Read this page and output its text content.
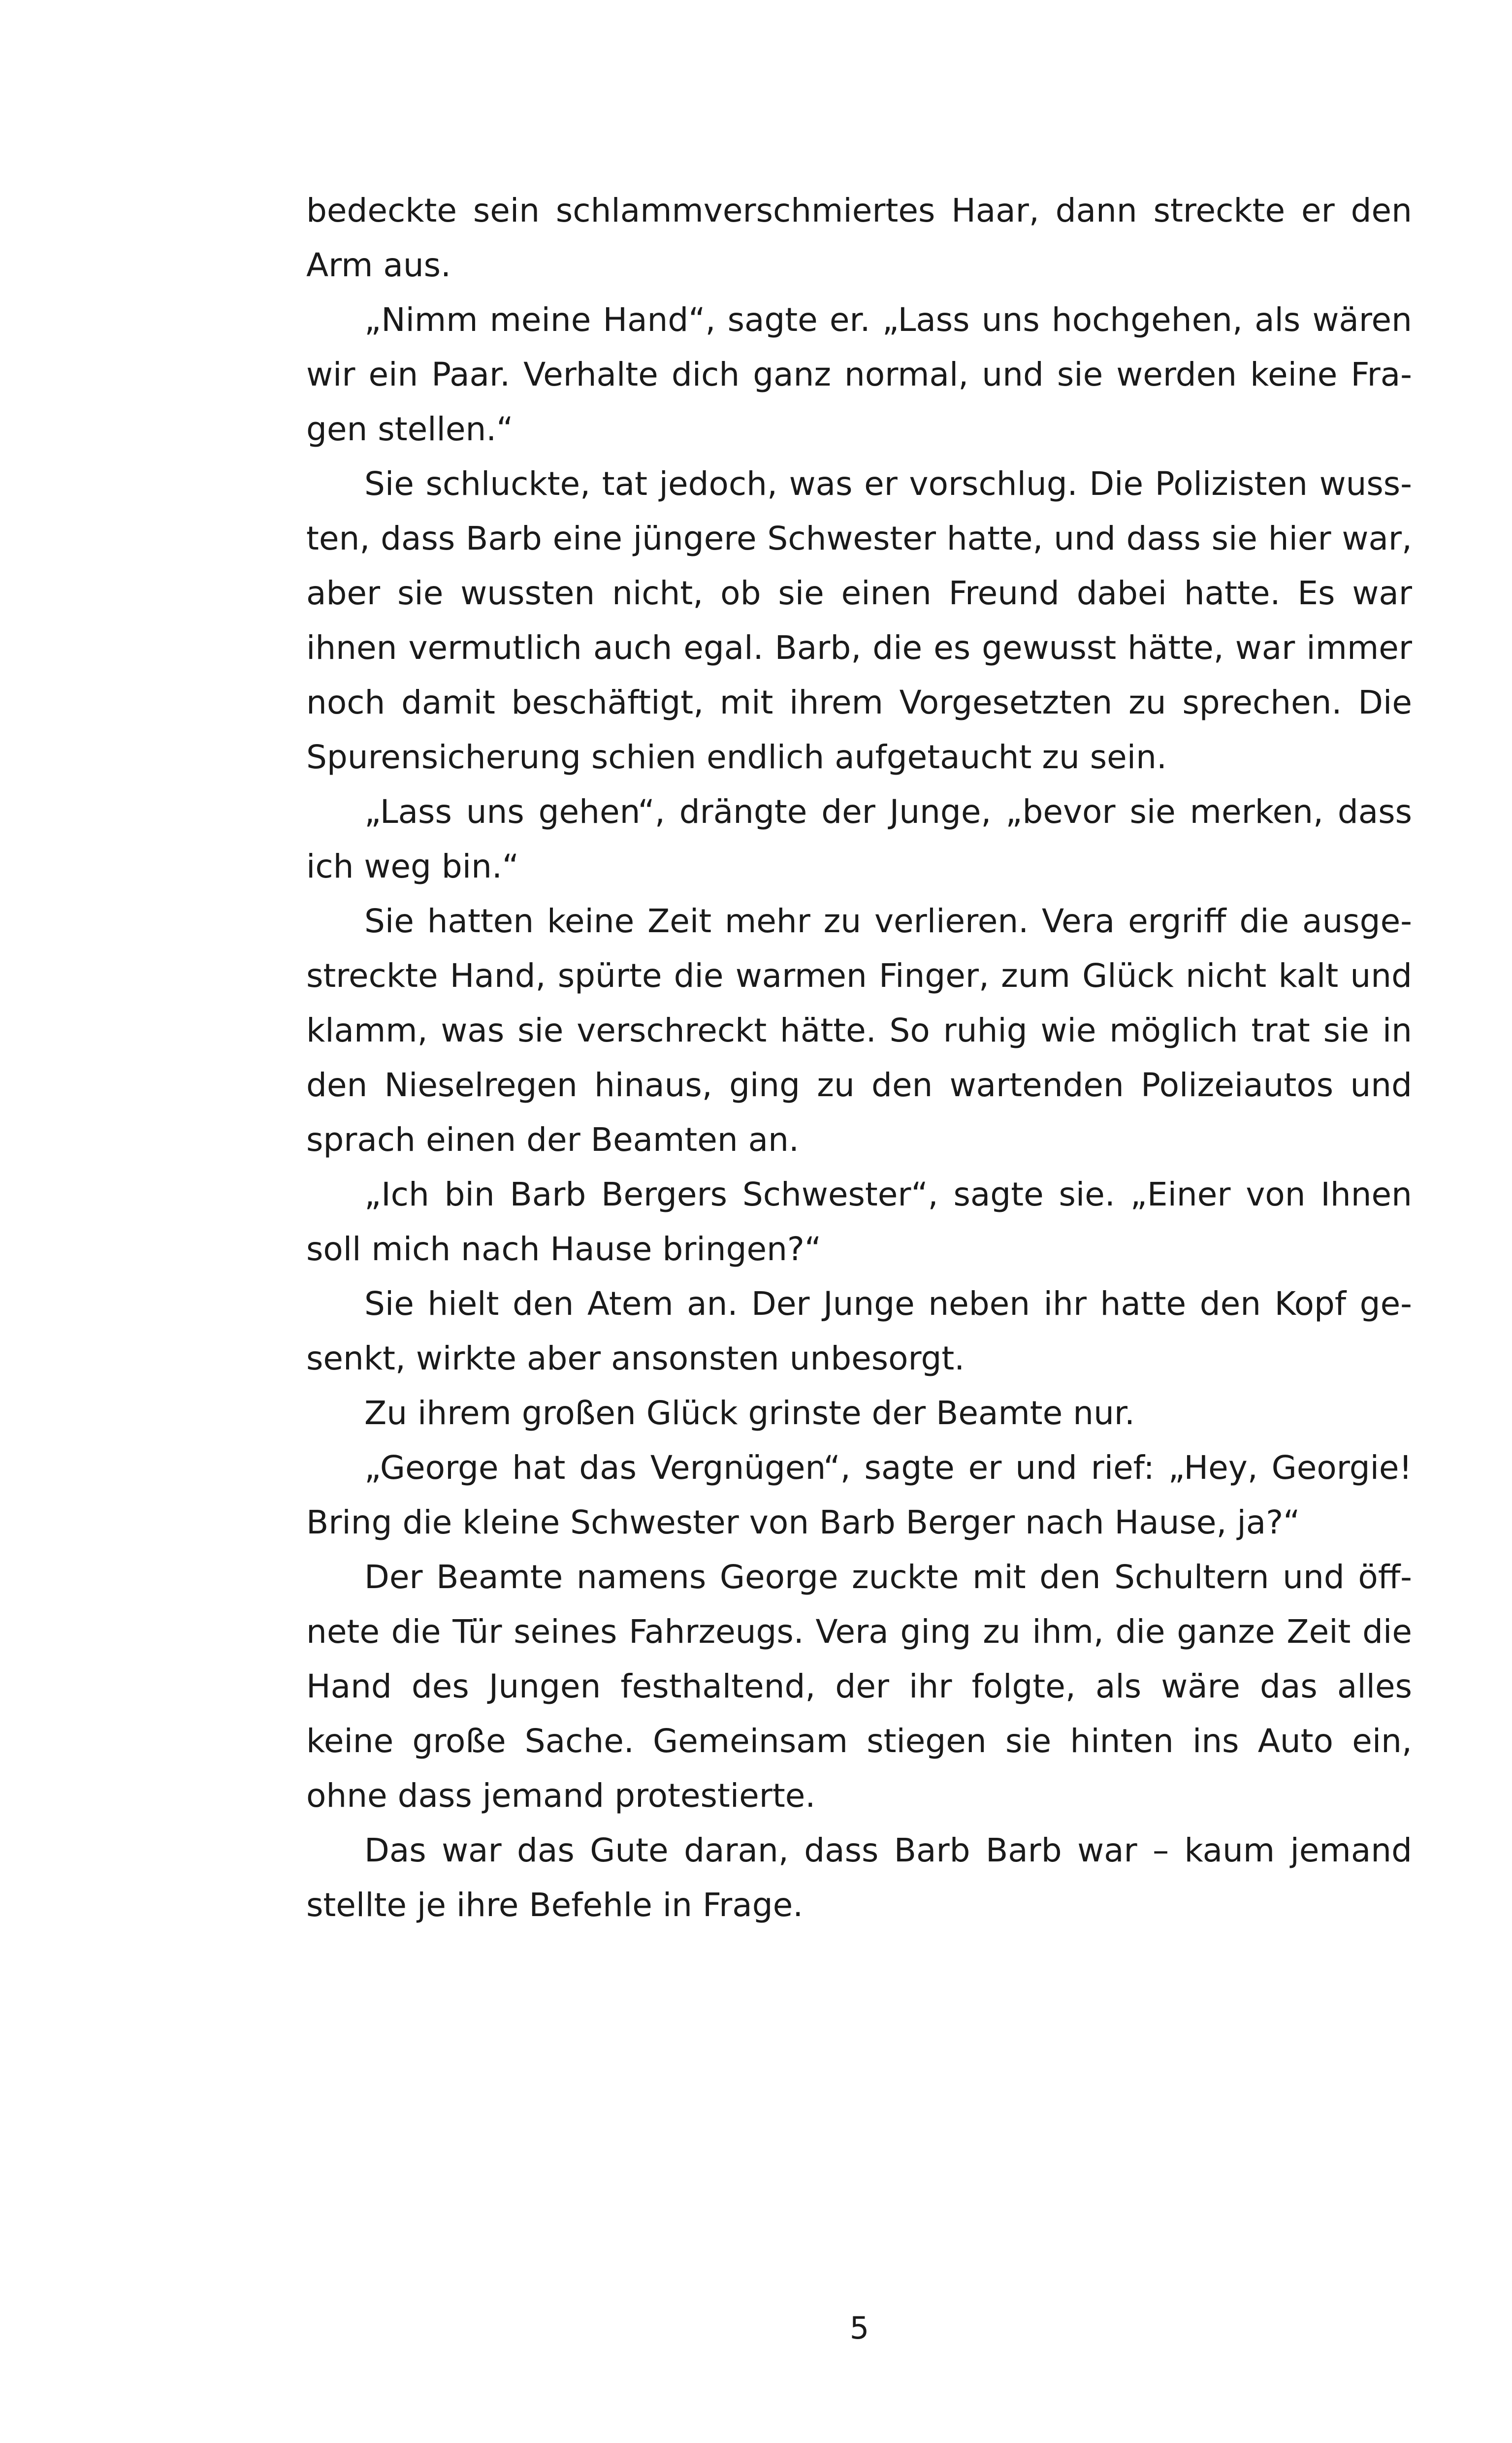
bedeckte sein schlammverschmiertes Haar, dann streckte er den
Arm aus.
„Nimm meine Hand“, sagte er. „Lass uns hochgehen, als wären
wir ein Paar. Verhalte dich ganz normal, und sie werden keine Fra-
gen stellen.“
Sie schluckte, tat jedoch, was er vorschlug. Die Polizisten wuss-
ten, dass Barb eine jüngere Schwester hatte, und dass sie hier war,
aber sie wussten nicht, ob sie einen Freund dabei hatte. Es war
ihnen vermutlich auch egal. Barb, die es gewusst hätte, war immer
noch damit beschäftigt, mit ihrem Vorgesetzten zu sprechen. Die
Spurensicherung schien endlich aufgetaucht zu sein.
„Lass uns gehen“, drängte der Junge, „bevor sie merken, dass
ich weg bin.“
Sie hatten keine Zeit mehr zu verlieren. Vera ergriff die ausge-
streckte Hand, spürte die warmen Finger, zum Glück nicht kalt und
klamm, was sie verschreckt hätte. So ruhig wie möglich trat sie in
den Nieselregen hinaus, ging zu den wartenden Polizeiautos und
sprach einen der Beamten an.
„Ich bin Barb Bergers Schwester“, sagte sie. „Einer von Ihnen
soll mich nach Hause bringen?“
Sie hielt den Atem an. Der Junge neben ihr hatte den Kopf ge-
senkt, wirkte aber ansonsten unbesorgt.
Zu ihrem großen Glück grinste der Beamte nur.
„George hat das Vergnügen“, sagte er und rief: „Hey, Georgie!
Bring die kleine Schwester von Barb Berger nach Hause, ja?“
Der Beamte namens George zuckte mit den Schultern und öff-
nete die Tür seines Fahrzeugs. Vera ging zu ihm, die ganze Zeit die
Hand des Jungen festhaltend, der ihr folgte, als wäre das alles
keine große Sache. Gemeinsam stiegen sie hinten ins Auto ein,
ohne dass jemand protestierte.
Das war das Gute daran, dass Barb Barb war – kaum jemand
stellte je ihre Befehle in Frage.
5
